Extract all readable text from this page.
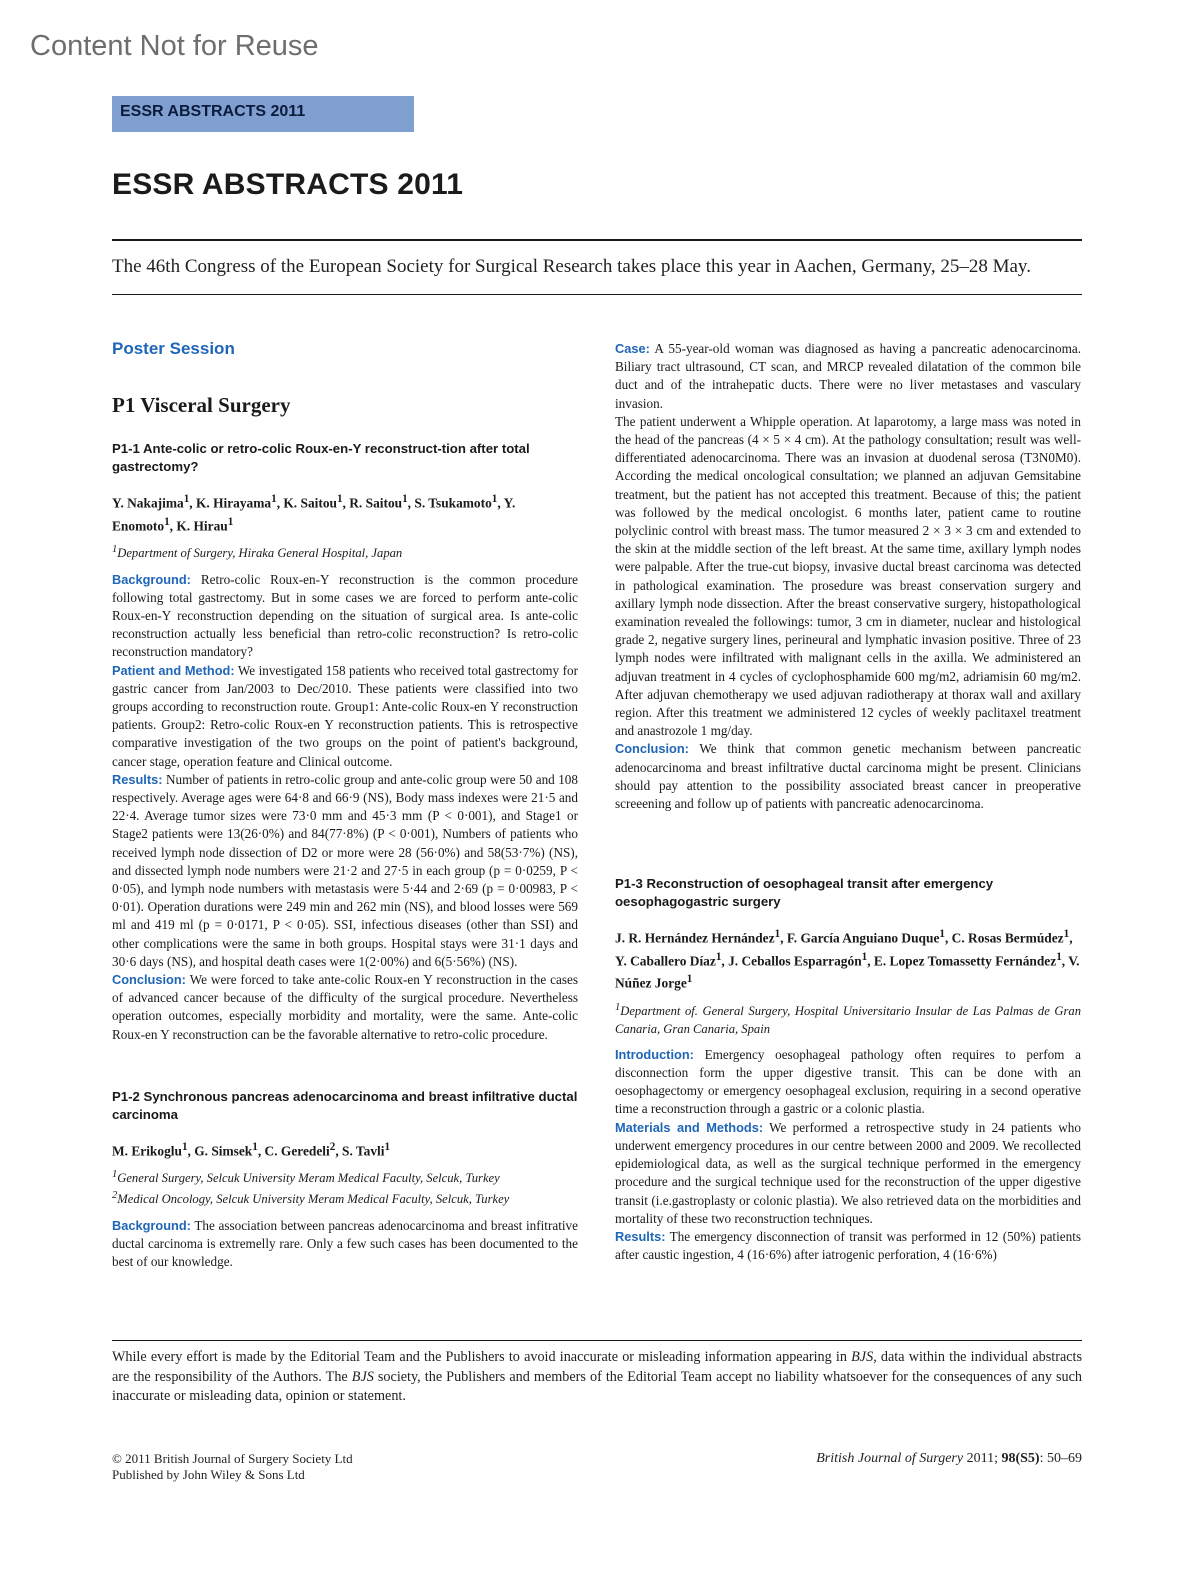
Content Not for Reuse
ESSR ABSTRACTS 2011
ESSR ABSTRACTS 2011
The 46th Congress of the European Society for Surgical Research takes place this year in Aachen, Germany, 25–28 May.
Poster Session
P1 Visceral Surgery
P1-1 Ante-colic or retro-colic Roux-en-Y reconstruct-tion after total gastrectomy?
Y. Nakajima$^1$, K. Hirayama$^1$, K. Saitou$^1$, R. Saitou$^1$, S. Tsukamoto$^1$, Y. Enomoto$^1$, K. Hirau$^1$
$^1$Department of Surgery, Hiraka General Hospital, Japan

Background: Retro-colic Roux-en-Y reconstruction is the common procedure following total gastrectomy. But in some cases we are forced to perform ante-colic Roux-en-Y reconstruction depending on the situation of surgical area. Is ante-colic reconstruction actually less beneficial than retro-colic reconstruction? Is retro-colic reconstruction mandatory?

Patient and Method: We investigated 158 patients who received total gastrectomy for gastric cancer from Jan/2003 to Dec/2010. These patients were classified into two groups according to reconstruction route. Group1: Ante-colic Roux-en Y reconstruction patients. Group2: Retro-colic Roux-en Y reconstruction patients. This is retrospective comparative investigation of the two groups on the point of patient's background, cancer stage, operation feature and Clinical outcome.

Results: Number of patients in retro-colic group and ante-colic group were 50 and 108 respectively. Average ages were 64·8 and 66·9 (NS), Body mass indexes were 21·5 and 22·4. Average tumor sizes were 73·0 mm and 45·3 mm (P < 0·001), and Stage1 or Stage2 patients were 13(26·0%) and 84(77·8%) (P < 0·001), Numbers of patients who received lymph node dissection of D2 or more were 28 (56·0%) and 58(53·7%) (NS), and dissected lymph node numbers were 21·2 and 27·5 in each group (p = 0·0259, P < 0·05), and lymph node numbers with metastasis were 5·44 and 2·69 (p = 0·00983, P < 0·01). Operation durations were 249 min and 262 min (NS), and blood losses were 569 ml and 419 ml (p = 0·0171, P < 0·05). SSI, infectious diseases (other than SSI) and other complications were the same in both groups. Hospital stays were 31·1 days and 30·6 days (NS), and hospital death cases were 1(2·00%) and 6(5·56%) (NS).

Conclusion: We were forced to take ante-colic Roux-en Y reconstruction in the cases of advanced cancer because of the difficulty of the surgical procedure. Nevertheless operation outcomes, especially morbidity and mortality, were the same. Ante-colic Roux-en Y reconstruction can be the favorable alternative to retro-colic procedure.

P1-2 Synchronous pancreas adenocarcinoma and breast infiltrative ductal carcinoma
M. Erikoglu$^1$, G. Simsek$^1$, C. Geredeli$^2$, S. Tavli$^1$
$^1$General Surgery, Selcuk University Meram Medical Faculty, Selcuk, Turkey
$^2$Medical Oncology, Selcuk University Meram Medical Faculty, Selcuk, Turkey

Background: The association between pancreas adenocarcinoma and breast infitrative ductal carcinoma is extremelly rare. Only a few such cases has been documented to the best of our knowledge.

Case: A 55-year-old woman was diagnosed as having a pancreatic adenocarcinoma. Biliary tract ultrasound, CT scan, and MRCP revealed dilatation of the common bile duct and of the intrahepatic ducts. There were no liver metastases and vasculary invasion.

The patient underwent a Whipple operation. At laparotomy, a large mass was noted in the head of the pancreas (4 × 5 × 4 cm). At the pathology consultation; result was well-differentiated adenocarcinoma. There was an invasion at duodenal serosa (T3N0M0). According the medical oncological consultation; we planned an adjuvan Gemsitabine treatment, but the patient has not accepted this treatment. Because of this; the patient was followed by the medical oncologist. 6 months later, patient came to routine polyclinic control with breast mass. The tumor measured 2 × 3 × 3 cm and extended to the skin at the middle section of the left breast. At the same time, axillary lymph nodes were palpable. After the true-cut biopsy, invasive ductal breast carcinoma was detected in pathological examination. The prosedure was breast conservation surgery and axillary lymph node dissection. After the breast conservative surgery, histopathological examination revealed the followings: tumor, 3 cm in diameter, nuclear and histological grade 2, negative surgery lines, perineural and lymphatic invasion positive. Three of 23 lymph nodes were infiltrated with malignant cells in the axilla. We administered an adjuvan treatment in 4 cycles of cyclophosphamide 600 mg/m2, adriamisin 60 mg/m2. After adjuvan chemotherapy we used adjuvan radiotherapy at thorax wall and axillary region. After this treatment we administered 12 cycles of weekly paclitaxel treatment and anastrozole 1 mg/day.

Conclusion: We think that common genetic mechanism between pancreatic adenocarcinoma and breast infiltrative ductal carcinoma might be present. Clinicians should pay attention to the possibility associated breast cancer in preoperative screeening and follow up of patients with pancreatic adenocarcinoma.

P1-3 Reconstruction of oesophageal transit after emergency oesophagogastric surgery
J. R. Hernández Hernández$^1$, F. García Anguiano Duque$^1$, C. Rosas Bermúdez$^1$, Y. Caballero Díaz$^1$, J. Ceballos Esparragón$^1$, E. Lopez Tomassetty Fernández$^1$, V. Núñez Jorge$^1$
$^1$Department of. General Surgery, Hospital Universitario Insular de Las Palmas de Gran Canaria, Gran Canaria, Spain

Introduction: Emergency oesophageal pathology often requires to perfom a disconnection form the upper digestive transit. This can be done with an oesophagectomy or emergency oesophageal exclusion, requiring in a second operative time a reconstruction through a gastric or a colonic plastia.

Materials and Methods: We performed a retrospective study in 24 patients who underwent emergency procedures in our centre between 2000 and 2009. We recollected epidemiological data, as well as the surgical technique performed in the emergency procedure and the surgical technique used for the reconstruction of the upper digestive transit (i.e.gastroplasty or colonic plastia). We also retrieved data on the morbidities and mortality of these two reconstruction techniques.

Results: The emergency disconnection of transit was performed in 12 (50%) patients after caustic ingestion, 4 (16·6%) after iatrogenic perforation, 4 (16·6%)

While every effort is made by the Editorial Team and the Publishers to avoid inaccurate or misleading information appearing in BJS, data within the individual abstracts are the responsibility of the Authors. The BJS society, the Publishers and members of the Editorial Team accept no liability whatsoever for the consequences of any such inaccurate or misleading data, opinion or statement.
© 2011 British Journal of Surgery Society Ltd
Published by John Wiley & Sons Ltd
British Journal of Surgery 2011; 98(S5): 50–69
